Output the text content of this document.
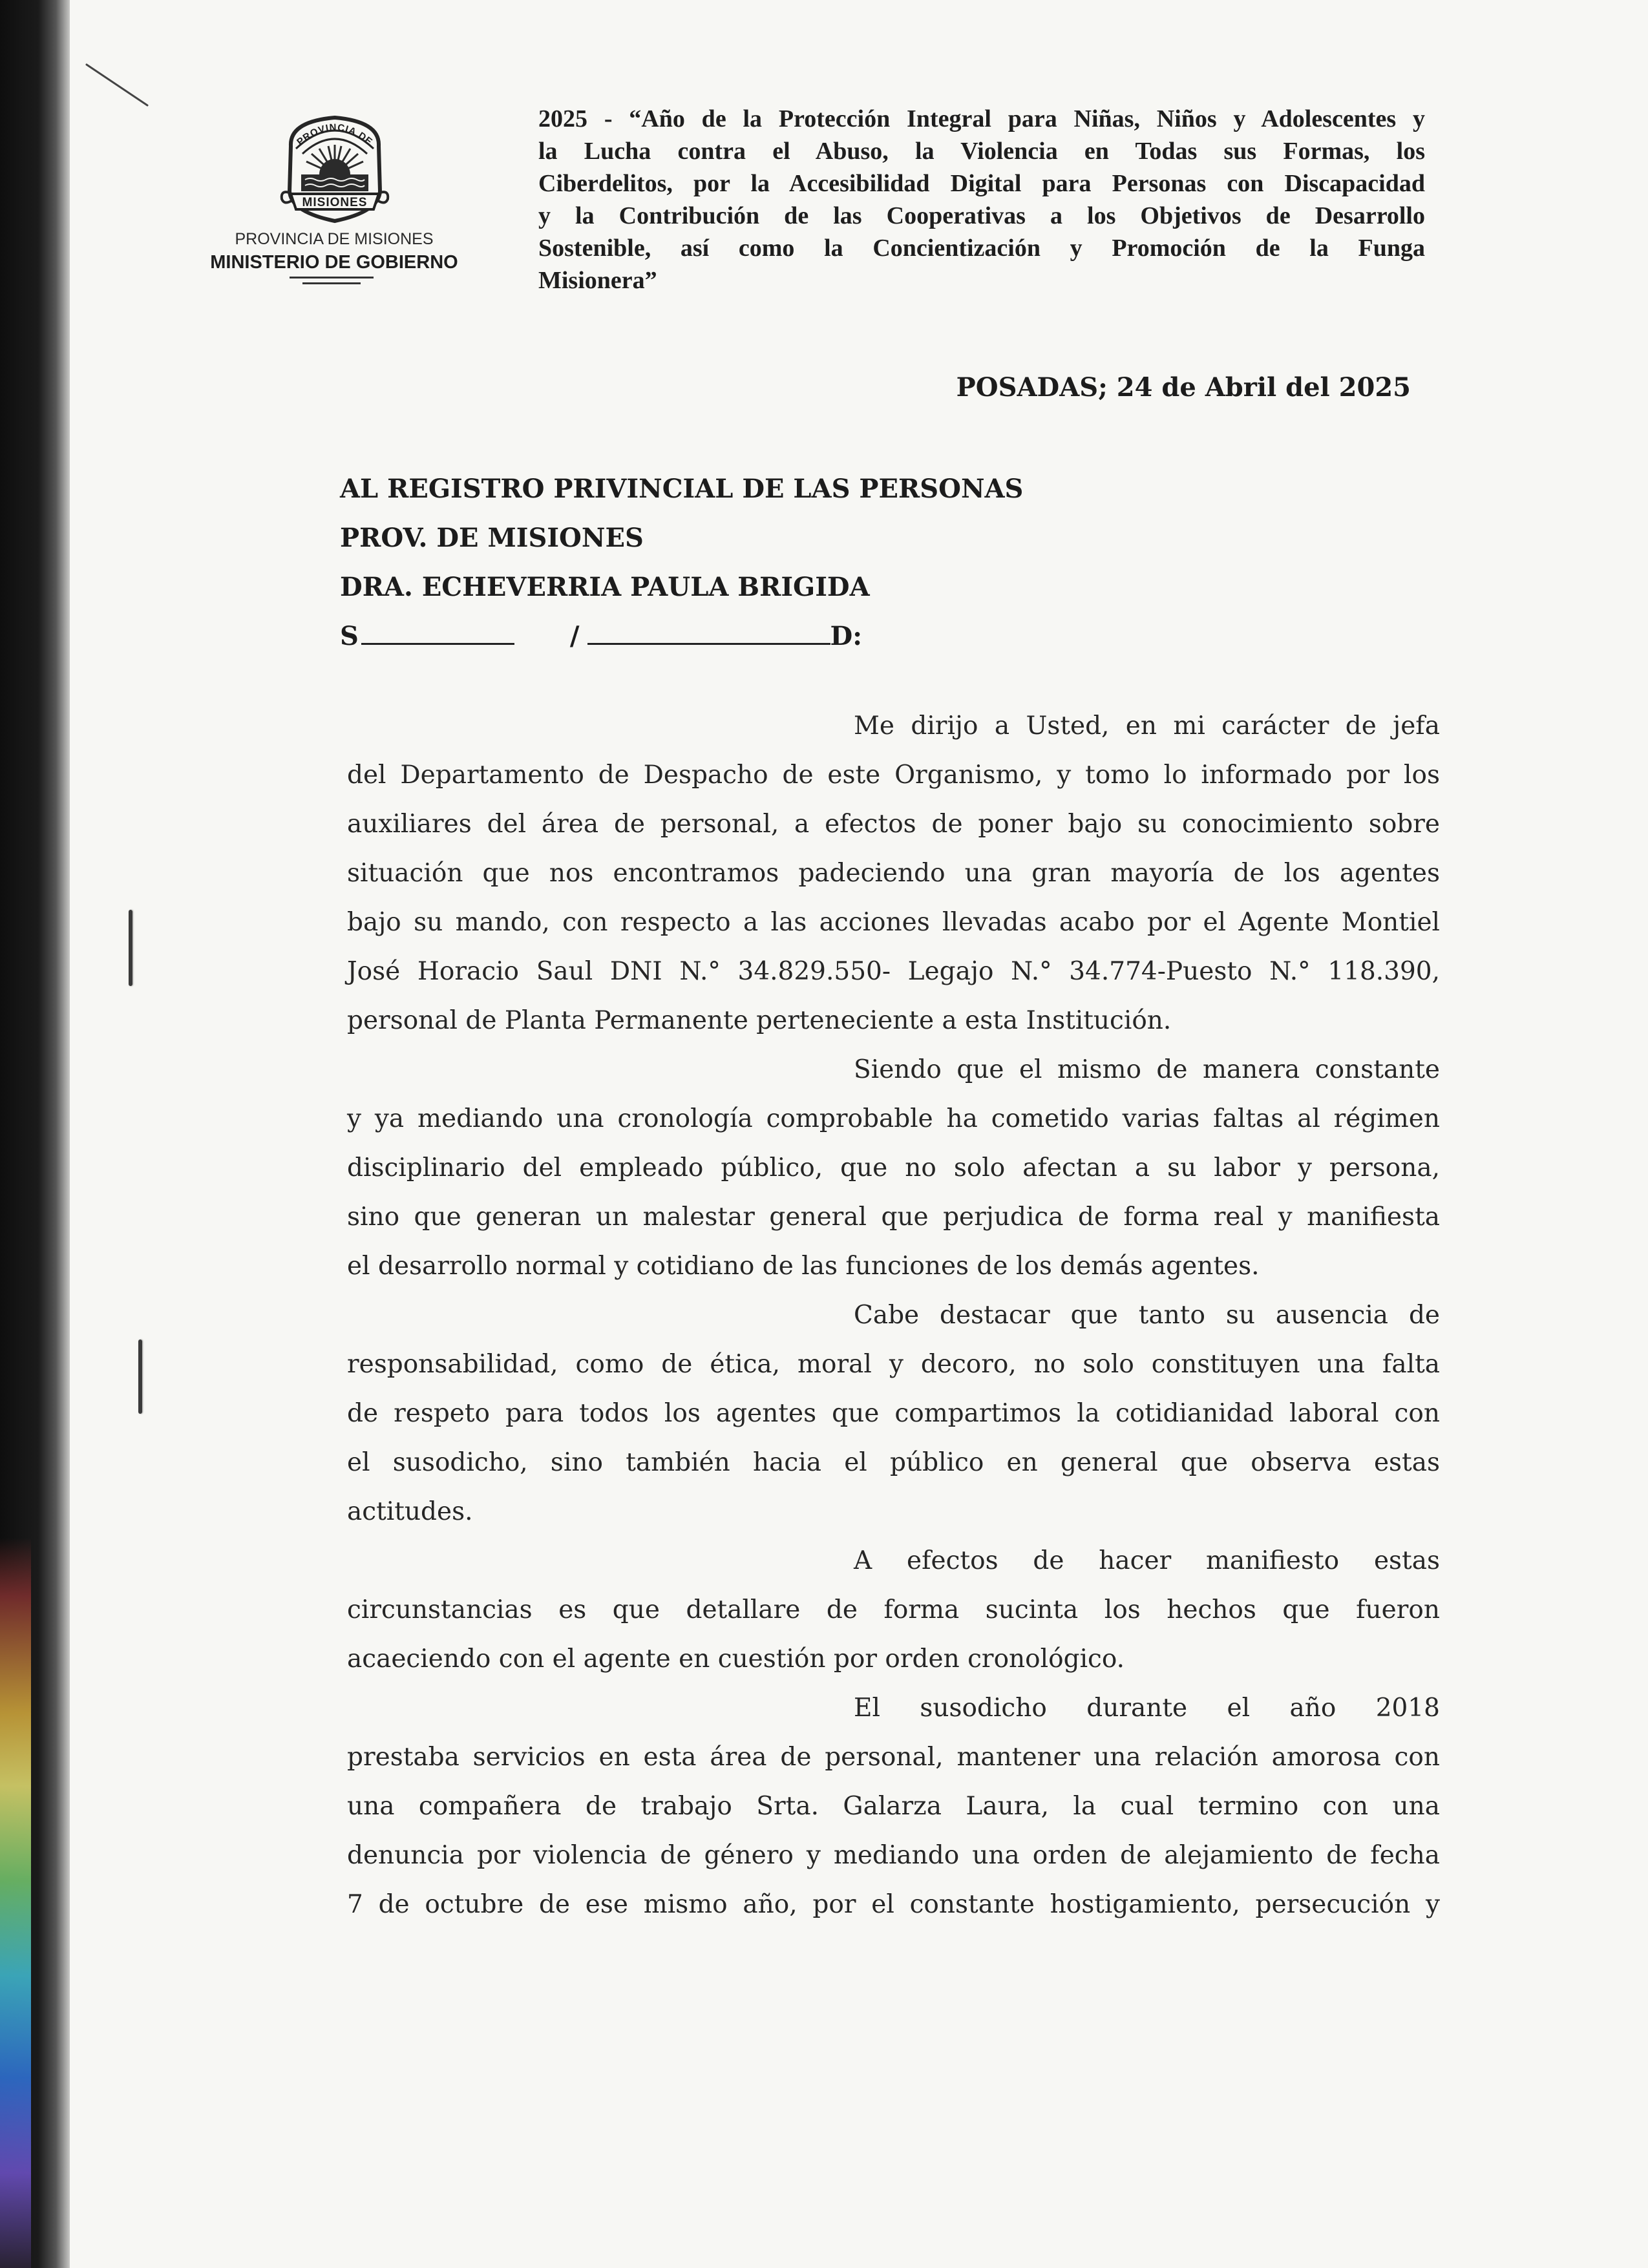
PROVINCIA DE
MISIONES
PROVINCIA DE MISIONES
MINISTERIO DE GOBIERNO
2025 - “Año de la Protección Integral para Niñas, Niños y Adolescentes y
la Lucha contra el Abuso, la Violencia en Todas sus Formas, los
Ciberdelitos, por la Accesibilidad Digital para Personas con Discapacidad
y la Contribución de las Cooperativas a los Objetivos de Desarrollo
Sostenible, así como la Concientización y Promoción de la Funga
Misionera”
POSADAS; 24 de Abril del 2025
AL REGISTRO PRIVINCIAL DE LAS PERSONAS
PROV. DE MISIONES
DRA. ECHEVERRIA PAULA BRIGIDA
S	/	D:
Me dirijo a Usted, en mi carácter de jefa
del Departamento de Despacho de este Organismo, y tomo lo informado por los
auxiliares del área de personal, a efectos de poner bajo su conocimiento sobre
situación que nos encontramos padeciendo una gran mayoría de los agentes
bajo su mando, con respecto a las acciones llevadas acabo por el Agente Montiel
José Horacio Saul DNI N.° 34.829.550- Legajo N.° 34.774-Puesto N.° 118.390,
personal de Planta Permanente perteneciente a esta Institución.
Siendo que el mismo de manera constante
y ya mediando una cronología comprobable ha cometido varias faltas al régimen
disciplinario del empleado público, que no solo afectan a su labor y persona,
sino que generan un malestar general que perjudica de forma real y manifiesta
el desarrollo normal y cotidiano de las funciones de los demás agentes.
Cabe destacar que tanto su ausencia de
responsabilidad, como de ética, moral y decoro, no solo constituyen una falta
de respeto para todos los agentes que compartimos la cotidianidad laboral con
el susodicho, sino también hacia el público en general que observa estas
actitudes.
A efectos de hacer manifiesto estas
circunstancias es que detallare de forma sucinta los hechos que fueron
acaeciendo con el agente en cuestión por orden cronológico.
El susodicho durante el año 2018
prestaba servicios en esta área de personal, mantener una relación amorosa con
una compañera de trabajo Srta. Galarza Laura, la cual termino con una
denuncia por violencia de género y mediando una orden de alejamiento de fecha
7 de octubre de ese mismo año, por el constante hostigamiento, persecución y
